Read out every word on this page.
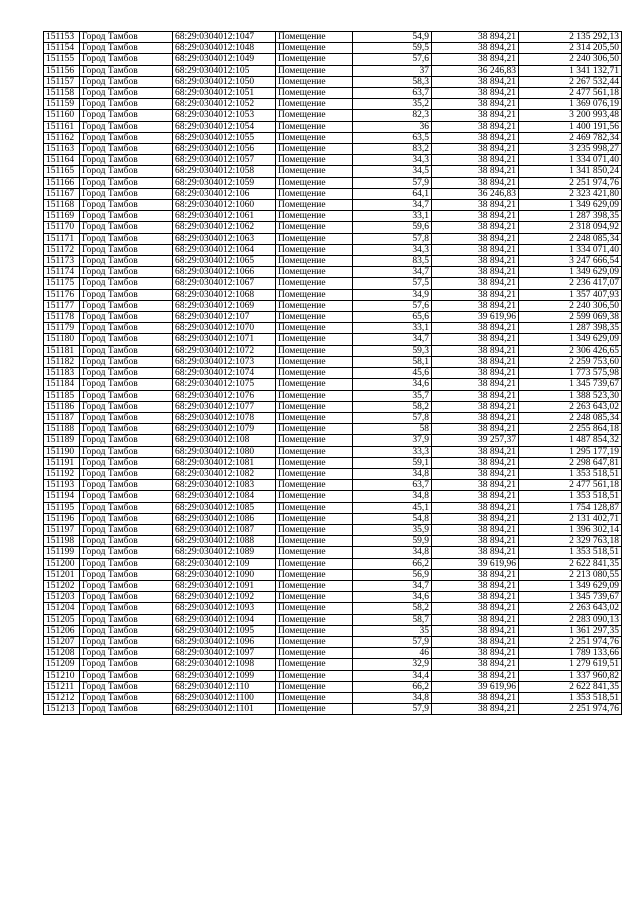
151153	Город Тамбов	68:29:0304012:1047	Помещение	54,9	38 894,21	2 135 292,13
151154	Город Тамбов	68:29:0304012:1048	Помещение	59,5	38 894,21	2 314 205,50
151155	Город Тамбов	68:29:0304012:1049	Помещение	57,6	38 894,21	2 240 306,50
151156	Город Тамбов	68:29:0304012:105	Помещение	37	36 246,83	1 341 132,71
151157	Город Тамбов	68:29:0304012:1050	Помещение	58,3	38 894,21	2 267 532,44
151158	Город Тамбов	68:29:0304012:1051	Помещение	63,7	38 894,21	2 477 561,18
151159	Город Тамбов	68:29:0304012:1052	Помещение	35,2	38 894,21	1 369 076,19
151160	Город Тамбов	68:29:0304012:1053	Помещение	82,3	38 894,21	3 200 993,48
151161	Город Тамбов	68:29:0304012:1054	Помещение	36	38 894,21	1 400 191,56
151162	Город Тамбов	68:29:0304012:1055	Помещение	63,5	38 894,21	2 469 782,34
151163	Город Тамбов	68:29:0304012:1056	Помещение	83,2	38 894,21	3 235 998,27
151164	Город Тамбов	68:29:0304012:1057	Помещение	34,3	38 894,21	1 334 071,40
151165	Город Тамбов	68:29:0304012:1058	Помещение	34,5	38 894,21	1 341 850,24
151166	Город Тамбов	68:29:0304012:1059	Помещение	57,9	38 894,21	2 251 974,76
151167	Город Тамбов	68:29:0304012:106	Помещение	64,1	36 246,83	2 323 421,80
151168	Город Тамбов	68:29:0304012:1060	Помещение	34,7	38 894,21	1 349 629,09
151169	Город Тамбов	68:29:0304012:1061	Помещение	33,1	38 894,21	1 287 398,35
151170	Город Тамбов	68:29:0304012:1062	Помещение	59,6	38 894,21	2 318 094,92
151171	Город Тамбов	68:29:0304012:1063	Помещение	57,8	38 894,21	2 248 085,34
151172	Город Тамбов	68:29:0304012:1064	Помещение	34,3	38 894,21	1 334 071,40
151173	Город Тамбов	68:29:0304012:1065	Помещение	83,5	38 894,21	3 247 666,54
151174	Город Тамбов	68:29:0304012:1066	Помещение	34,7	38 894,21	1 349 629,09
151175	Город Тамбов	68:29:0304012:1067	Помещение	57,5	38 894,21	2 236 417,07
151176	Город Тамбов	68:29:0304012:1068	Помещение	34,9	38 894,21	1 357 407,93
151177	Город Тамбов	68:29:0304012:1069	Помещение	57,6	38 894,21	2 240 306,50
151178	Город Тамбов	68:29:0304012:107	Помещение	65,6	39 619,96	2 599 069,38
151179	Город Тамбов	68:29:0304012:1070	Помещение	33,1	38 894,21	1 287 398,35
151180	Город Тамбов	68:29:0304012:1071	Помещение	34,7	38 894,21	1 349 629,09
151181	Город Тамбов	68:29:0304012:1072	Помещение	59,3	38 894,21	2 306 426,65
151182	Город Тамбов	68:29:0304012:1073	Помещение	58,1	38 894,21	2 259 753,60
151183	Город Тамбов	68:29:0304012:1074	Помещение	45,6	38 894,21	1 773 575,98
151184	Город Тамбов	68:29:0304012:1075	Помещение	34,6	38 894,21	1 345 739,67
151185	Город Тамбов	68:29:0304012:1076	Помещение	35,7	38 894,21	1 388 523,30
151186	Город Тамбов	68:29:0304012:1077	Помещение	58,2	38 894,21	2 263 643,02
151187	Город Тамбов	68:29:0304012:1078	Помещение	57,8	38 894,21	2 248 085,34
151188	Город Тамбов	68:29:0304012:1079	Помещение	58	38 894,21	2 255 864,18
151189	Город Тамбов	68:29:0304012:108	Помещение	37,9	39 257,37	1 487 854,32
151190	Город Тамбов	68:29:0304012:1080	Помещение	33,3	38 894,21	1 295 177,19
151191	Город Тамбов	68:29:0304012:1081	Помещение	59,1	38 894,21	2 298 647,81
151192	Город Тамбов	68:29:0304012:1082	Помещение	34,8	38 894,21	1 353 518,51
151193	Город Тамбов	68:29:0304012:1083	Помещение	63,7	38 894,21	2 477 561,18
151194	Город Тамбов	68:29:0304012:1084	Помещение	34,8	38 894,21	1 353 518,51
151195	Город Тамбов	68:29:0304012:1085	Помещение	45,1	38 894,21	1 754 128,87
151196	Город Тамбов	68:29:0304012:1086	Помещение	54,8	38 894,21	2 131 402,71
151197	Город Тамбов	68:29:0304012:1087	Помещение	35,9	38 894,21	1 396 302,14
151198	Город Тамбов	68:29:0304012:1088	Помещение	59,9	38 894,21	2 329 763,18
151199	Город Тамбов	68:29:0304012:1089	Помещение	34,8	38 894,21	1 353 518,51
151200	Город Тамбов	68:29:0304012:109	Помещение	66,2	39 619,96	2 622 841,35
151201	Город Тамбов	68:29:0304012:1090	Помещение	56,9	38 894,21	2 213 080,55
151202	Город Тамбов	68:29:0304012:1091	Помещение	34,7	38 894,21	1 349 629,09
151203	Город Тамбов	68:29:0304012:1092	Помещение	34,6	38 894,21	1 345 739,67
151204	Город Тамбов	68:29:0304012:1093	Помещение	58,2	38 894,21	2 263 643,02
151205	Город Тамбов	68:29:0304012:1094	Помещение	58,7	38 894,21	2 283 090,13
151206	Город Тамбов	68:29:0304012:1095	Помещение	35	38 894,21	1 361 297,35
151207	Город Тамбов	68:29:0304012:1096	Помещение	57,9	38 894,21	2 251 974,76
151208	Город Тамбов	68:29:0304012:1097	Помещение	46	38 894,21	1 789 133,66
151209	Город Тамбов	68:29:0304012:1098	Помещение	32,9	38 894,21	1 279 619,51
151210	Город Тамбов	68:29:0304012:1099	Помещение	34,4	38 894,21	1 337 960,82
151211	Город Тамбов	68:29:0304012:110	Помещение	66,2	39 619,96	2 622 841,35
151212	Город Тамбов	68:29:0304012:1100	Помещение	34,8	38 894,21	1 353 518,51
151213	Город Тамбов	68:29:0304012:1101	Помещение	57,9	38 894,21	2 251 974,76
